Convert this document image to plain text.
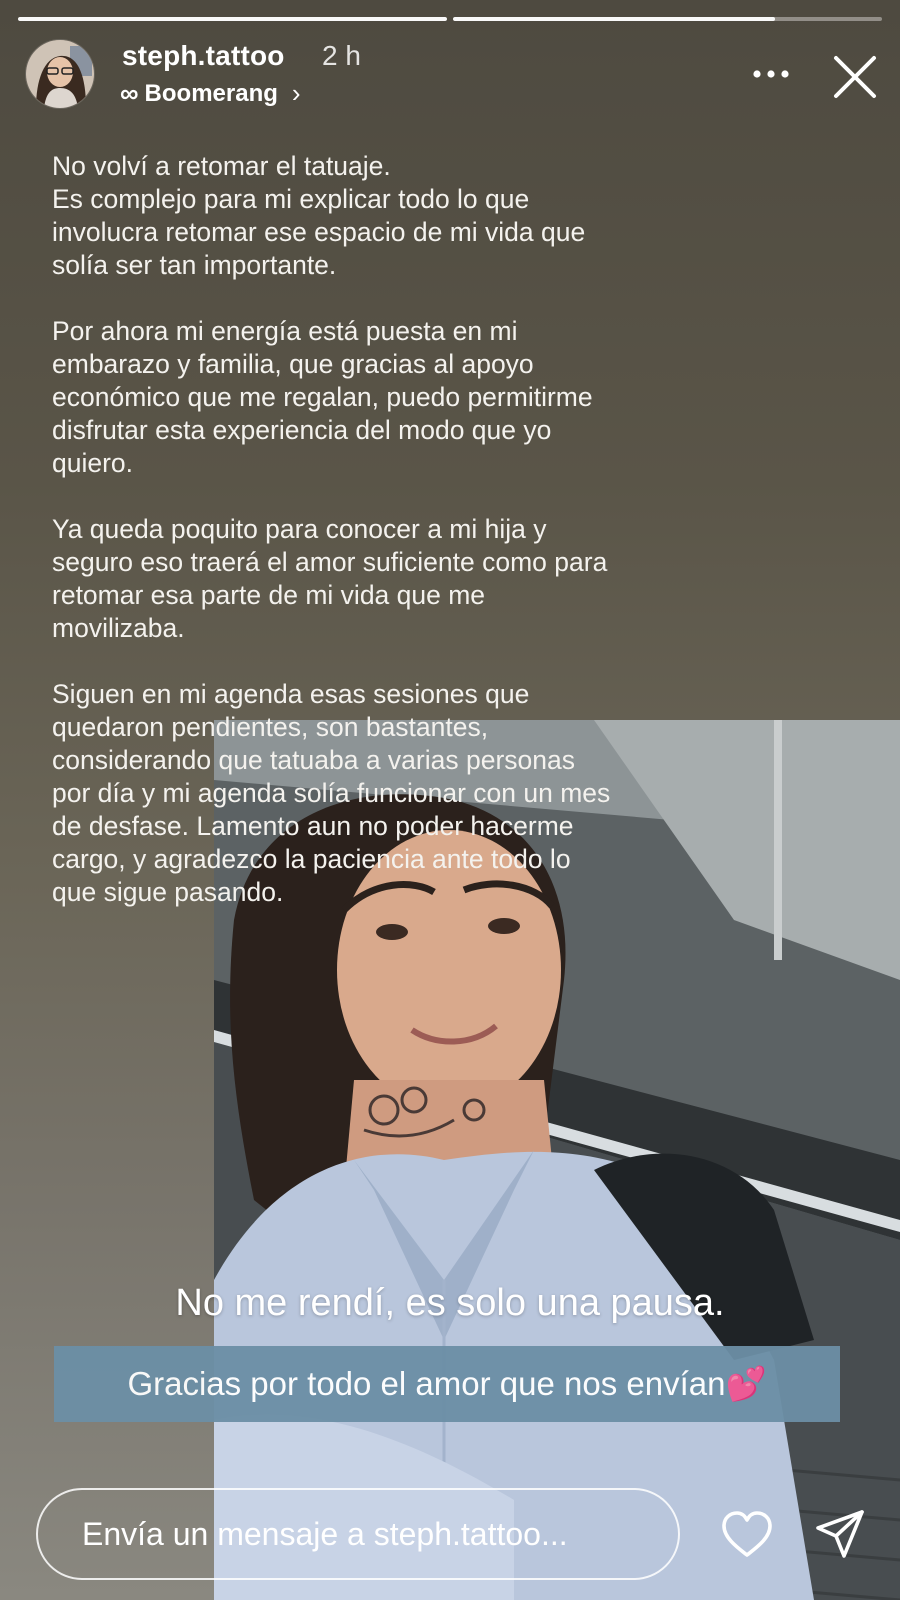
steph.tattoo 2 h
∞ Boomerang ›

No volví a retomar el tatuaje.
Es complejo para mi explicar todo lo que
involucra retomar ese espacio de mi vida que
solía ser tan importante.

Por ahora mi energía está puesta en mi
embarazo y familia, que gracias al apoyo
económico que me regalan, puedo permitirme
disfrutar esta experiencia del modo que yo
quiero.

Ya queda poquito para conocer a mi hija y
seguro eso traerá el amor suficiente como para
retomar esa parte de mi vida que me
movilizaba.

Siguen en mi agenda esas sesiones que
quedaron pendientes, son bastantes,
considerando que tatuaba a varias personas
por día y mi agenda solía funcionar con un mes
de desfase. Lamento aun no poder hacerme
cargo, y agradezco la paciencia ante todo lo
que sigue pasando.

No me rendí, es solo una pausa.
Gracias por todo el amor que nos envían💕
Envía un mensaje a steph.tattoo...
